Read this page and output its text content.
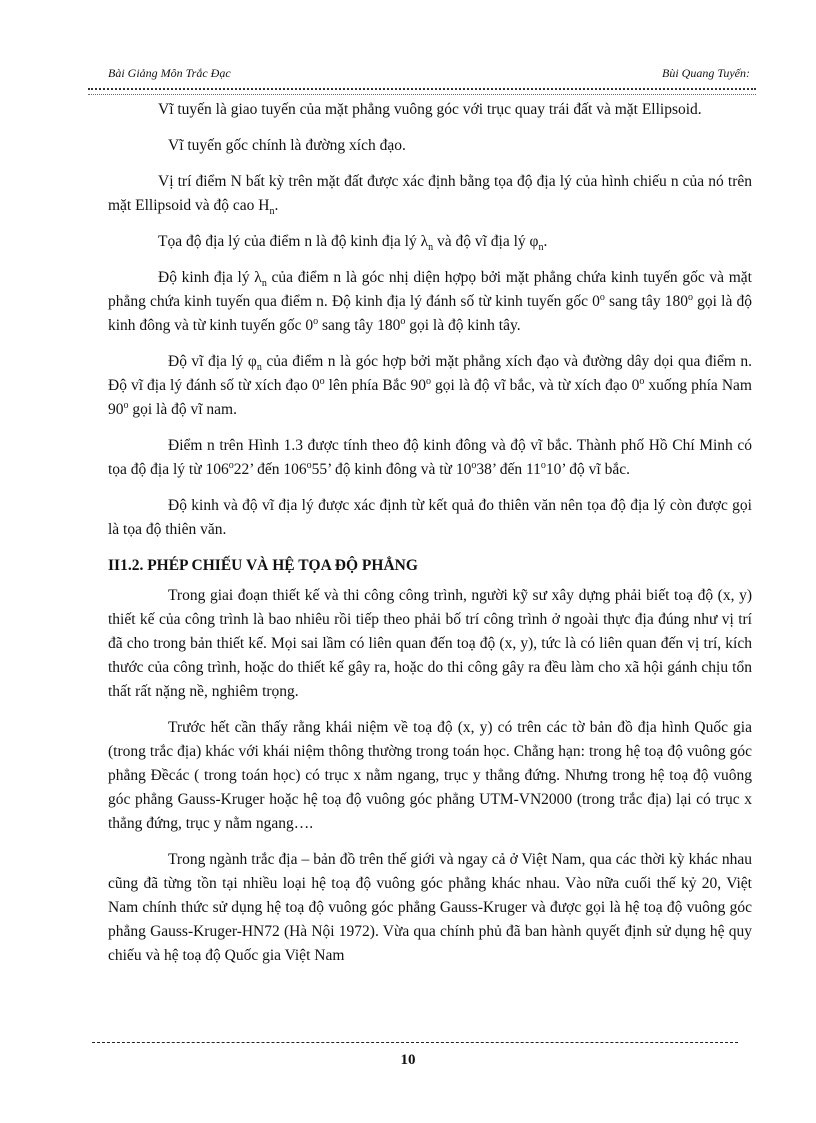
Bài Giảng Môn Trắc Đạc	Bùi Quang Tuyến:

Vĩ tuyến là giao tuyến của mặt phẳng vuông góc với trục quay trái đất và mặt Ellipsoid.

Vĩ tuyến gốc chính là đường xích đạo.

Vị trí điểm N bất kỳ trên mặt đất được xác định bằng tọa độ địa lý của hình chiếu n của nó trên mặt Ellipsoid và độ cao $H_n$.

Tọa độ địa lý của điểm n là độ kinh địa lý $\lambda_n$ và độ vĩ địa lý $\varphi_n$.

Độ kinh địa lý $\lambda_n$ của điểm n là góc nhị diện hợpọ bởi mặt phẳng chứa kinh tuyến gốc và mặt phẳng chứa kinh tuyến qua điểm n. Độ kinh địa lý đánh số từ kinh tuyến gốc 0$^o$ sang tây 180$^o$ gọi là độ kinh đông và từ kinh tuyến gốc 0$^o$ sang tây 180$^o$ gọi là độ kinh tây.

Độ vĩ địa lý $\varphi_n$ của điểm n là góc hợp bởi mặt phẳng xích đạo và đường dây dọi qua điểm n. Độ vĩ địa lý đánh số từ xích đạo 0$^o$ lên phía Bắc 90$^o$ gọi là độ vĩ bắc, và từ xích đạo 0$^o$ xuống phía Nam 90$^o$ gọi là độ vĩ nam.

Điểm n trên Hình 1.3 được tính theo độ kinh đông và độ vĩ bắc. Thành phố Hồ Chí Minh có tọa độ địa lý từ 106$^o$22’ đến 106$^o$55’ độ kinh đông và từ 10$^o$38’ đến 11$^o$10’ độ vĩ bắc.

Độ kinh và độ vĩ địa lý được xác định từ kết quả đo thiên văn nên tọa độ địa lý còn được gọi là tọa độ thiên văn.

II1.2. PHÉP CHIẾU VÀ HỆ TỌA ĐỘ PHẲNG

Trong giai đoạn thiết kế và thi công công trình, người kỹ sư xây dựng phải biết toạ độ (x, y) thiết kế của công trình là bao nhiêu rồi tiếp theo phải bố trí công trình ở ngoài thực địa đúng như vị trí đã cho trong bản thiết kế. Mọi sai lầm có liên quan đến toạ độ (x, y), tức là có liên quan đến vị trí, kích thước của công trình, hoặc do thiết kế gây ra, hoặc do thi công gây ra đều làm cho xã hội gánh chịu tổn thất rất nặng nề, nghiêm trọng.

Trước hết cần thấy rằng khái niệm về toạ độ (x, y) có trên các tờ bản đồ địa hình Quốc gia (trong trắc địa) khác với khái niệm thông thường trong toán học. Chẳng hạn: trong hệ toạ độ vuông góc phẳng Đềcác ( trong toán học) có trục x nằm ngang, trục y thẳng đứng. Nhưng trong hệ toạ độ vuông góc phẳng Gauss-Kruger hoặc hệ toạ độ vuông góc phẳng UTM-VN2000 (trong trắc địa) lại có trục x thẳng đứng, trục y nằm ngang….

Trong ngành trắc địa – bản đồ trên thế giới và ngay cả ở Việt Nam, qua các thời kỳ khác nhau cũng đã từng tồn tại nhiều loại hệ toạ độ vuông góc phẳng khác nhau. Vào nữa cuối thế kỷ 20, Việt Nam chính thức sử dụng hệ toạ độ vuông góc phẳng Gauss-Kruger và được gọi là hệ toạ độ vuông góc phẳng Gauss-Kruger-HN72 (Hà Nội 1972). Vừa qua chính phủ đã ban hành quyết định sử dụng hệ quy chiếu và hệ toạ độ Quốc gia Việt Nam

10
